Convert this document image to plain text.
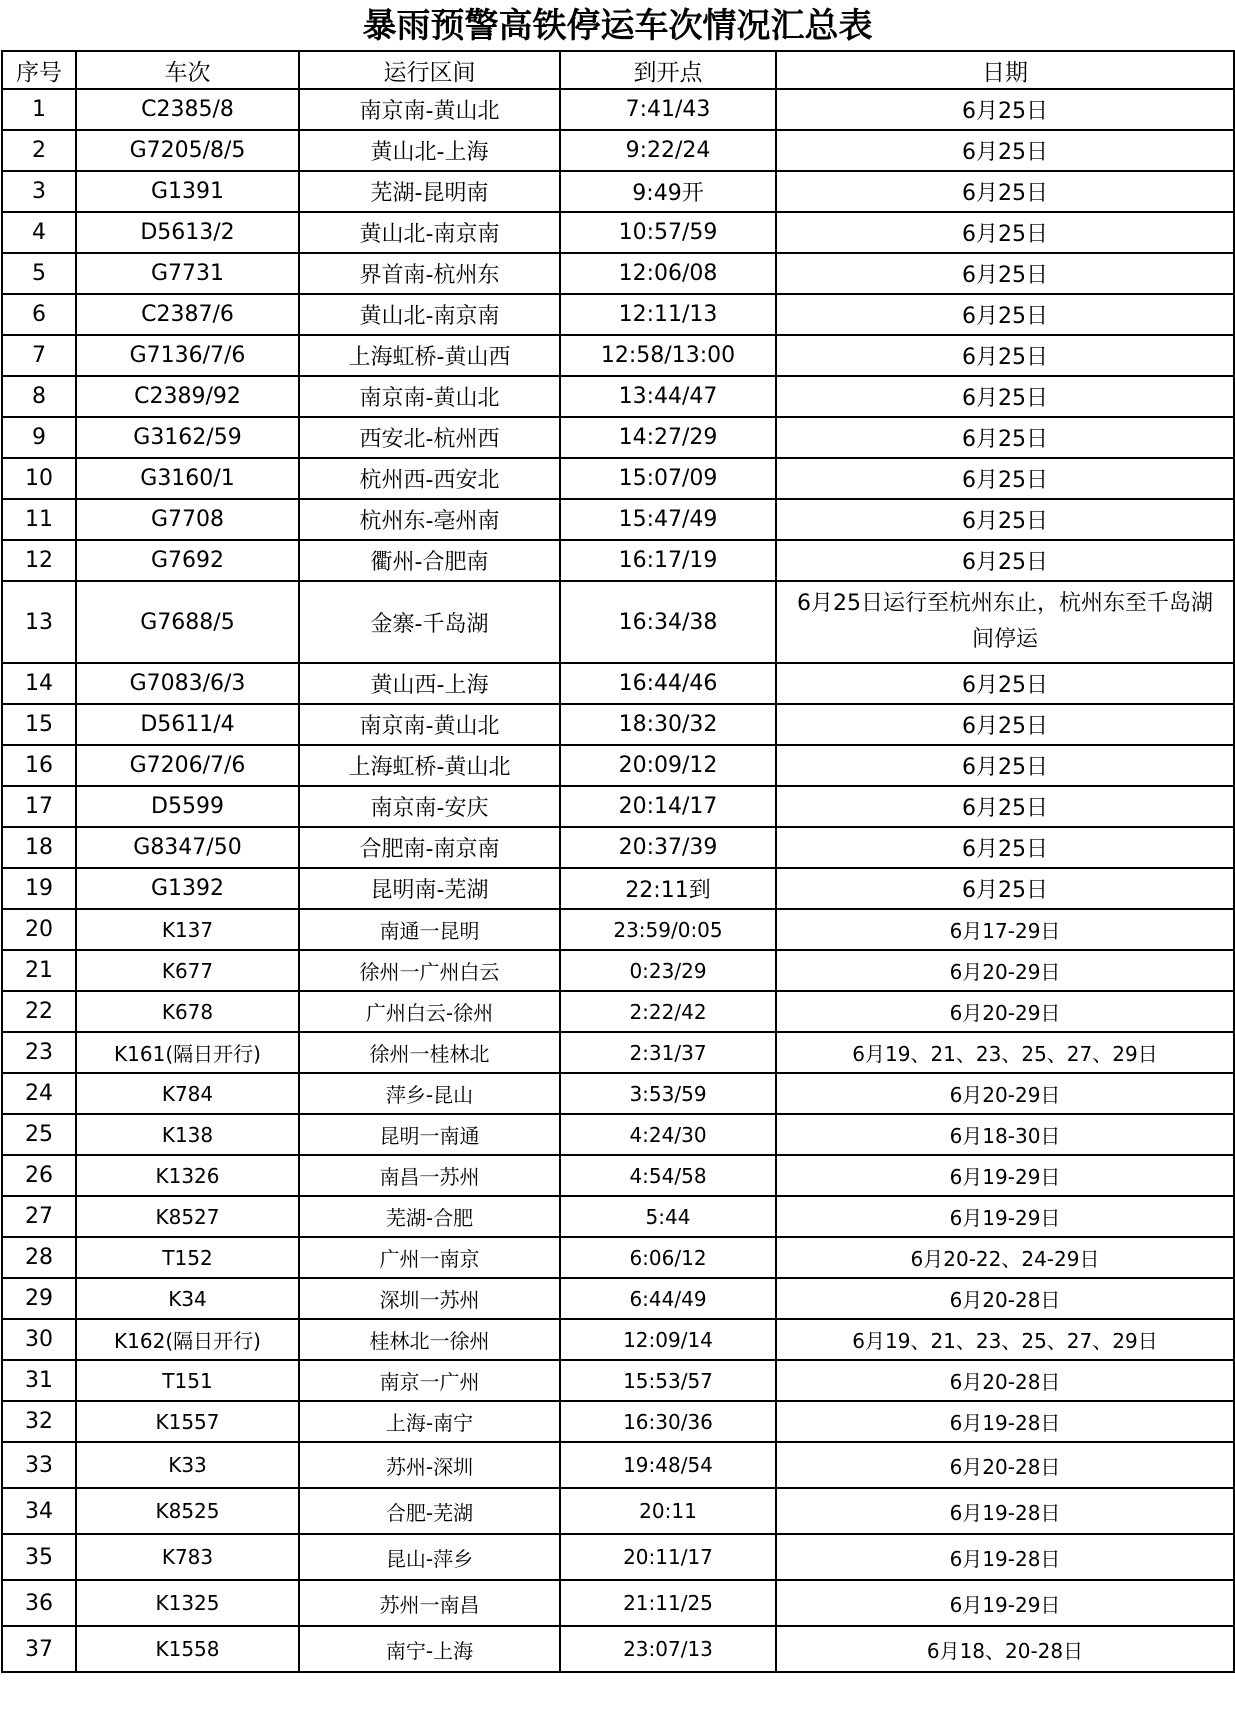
暴雨预警高铁停运车次情况汇总表
序号	车次	运行区间	到开点	日期
1	C2385/8	南京南-黄山北	7:41/43	6月25日
2	G7205/8/5	黄山北-上海	9:22/24	6月25日
3	G1391	芜湖-昆明南	9:49开	6月25日
4	D5613/2	黄山北-南京南	10:57/59	6月25日
5	G7731	界首南-杭州东	12:06/08	6月25日
6	C2387/6	黄山北-南京南	12:11/13	6月25日
7	G7136/7/6	上海虹桥-黄山西	12:58/13:00	6月25日
8	C2389/92	南京南-黄山北	13:44/47	6月25日
9	G3162/59	西安北-杭州西	14:27/29	6月25日
10	G3160/1	杭州西-西安北	15:07/09	6月25日
11	G7708	杭州东-亳州南	15:47/49	6月25日
12	G7692	衢州-合肥南	16:17/19	6月25日
13	G7688/5	金寨-千岛湖	16:34/38	6月25日运行至杭州东止，杭州东至千岛湖间停运
14	G7083/6/3	黄山西-上海	16:44/46	6月25日
15	D5611/4	南京南-黄山北	18:30/32	6月25日
16	G7206/7/6	上海虹桥-黄山北	20:09/12	6月25日
17	D5599	南京南-安庆	20:14/17	6月25日
18	G8347/50	合肥南-南京南	20:37/39	6月25日
19	G1392	昆明南-芜湖	22:11到	6月25日
20	K137	南通一昆明	23:59/0:05	6月17-29日
21	K677	徐州一广州白云	0:23/29	6月20-29日
22	K678	广州白云-徐州	2:22/42	6月20-29日
23	K161(隔日开行)	徐州一桂林北	2:31/37	6月19、21、23、25、27、29日
24	K784	萍乡-昆山	3:53/59	6月20-29日
25	K138	昆明一南通	4:24/30	6月18-30日
26	K1326	南昌一苏州	4:54/58	6月19-29日
27	K8527	芜湖-合肥	5:44	6月19-29日
28	T152	广州一南京	6:06/12	6月20-22、24-29日
29	K34	深圳一苏州	6:44/49	6月20-28日
30	K162(隔日开行)	桂林北一徐州	12:09/14	6月19、21、23、25、27、29日
31	T151	南京一广州	15:53/57	6月20-28日
32	K1557	上海-南宁	16:30/36	6月19-28日
33	K33	苏州-深圳	19:48/54	6月20-28日
34	K8525	合肥-芜湖	20:11	6月19-28日
35	K783	昆山-萍乡	20:11/17	6月19-28日
36	K1325	苏州一南昌	21:11/25	6月19-29日
37	K1558	南宁-上海	23:07/13	6月18、20-28日
